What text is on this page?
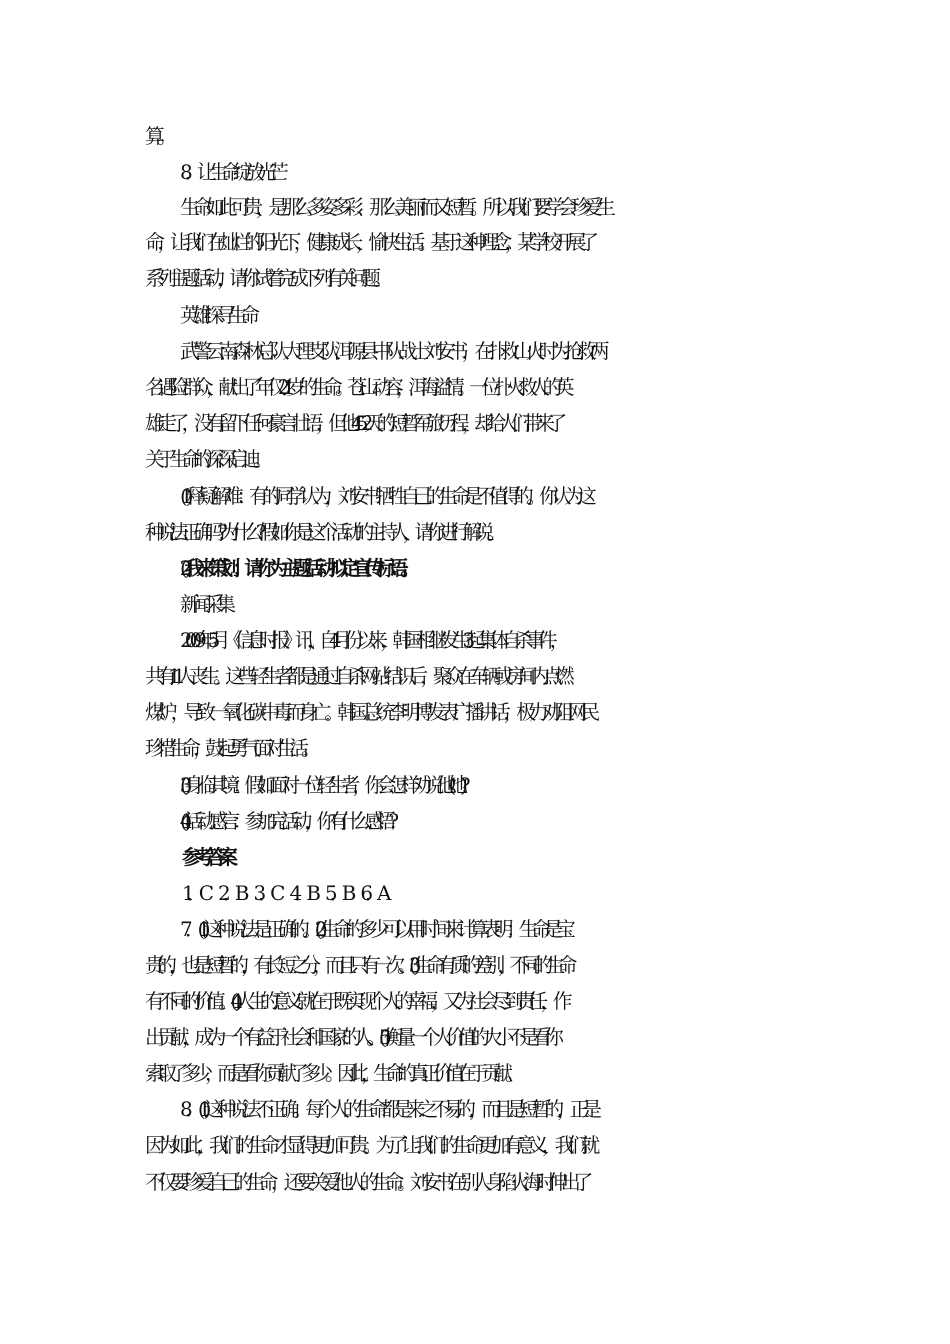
算。
8．让生命绽放光芒
生命如此可贵，是那么多姿多彩、那么美丽而又短暂。所以我们要学会珍爱生
命，让我们在灿烂的阳光下，健康成长，愉快生活。基于这种理念，某学校开展了
系列主题活动，请你试着完成下列有关问题。
英雄探寻生命
武警云南森林总队大理支队洱源县中队战士刘安书，在扑救山火时为抢救两
名遇险群众，献出了年仅 21 岁的生命。苍山动容，洱海溢情。一位扑火救人的英
雄走了，没有留下任何豪言壮语，但他 452 天的短暂军旅历程，却给人们带来了
关于生命的深深启迪。
(1)释疑解难：有的同学认为，刘安书牺牲自己的生命是不值得的。你认为这
种说法正确吗?为什么?假如你是这个活动的主持人，请你进行解说。
(2)我来策划：请你为主题活动拟定宣传标语。
新闻采集
2009 年 5 月《信息时报》讯，自 4 月份以来，韩国相继发生 3 起集体自杀事件，
共有 11 人丧生。这些轻生者都是通过自杀网站结识后，聚众在车辆或房间内点燃
煤炉，导致一氧化碳中毒而身亡。韩国总统李明博发表广播讲话，极力劝阻网民
珍惜生命，鼓起勇气面对生活。
(3)身临其境：假如面对一位轻生者，你会怎样劝说他(她)?
(4)活动感言：参加完活动，你有什么感悟?
参考答案
1．C　2．B　3．C　4．B　5．B　6．A
7．(1)这种说法是正确的。(2)生命的多少可以用时间来计算表明：生命是宝
贵的，也是短暂的，有长短之分，而且只有一次。(3)生命有质的差别，不同的生命
有不同的价值。(4)人生的意义就在于既实现个人的幸福，又为社会尽到责任，作
出贡献，成为一个有益于社会和国家的人。(5)衡量一个人价值的大小不是看你
索取了多少，而是看你贡献了多少。因此，生命的真正价值在于贡献。
8．(1)这种说法不正确。每个人的生命都是来之不易的，而且是短暂的，正是
因为如此，我们的生命才显得更加可贵。为了让我们的生命更加有意义，我们就
不仅要珍爱自己的生命，还要关爱他人的生命。刘安书在别人身陷火海时伸出了
